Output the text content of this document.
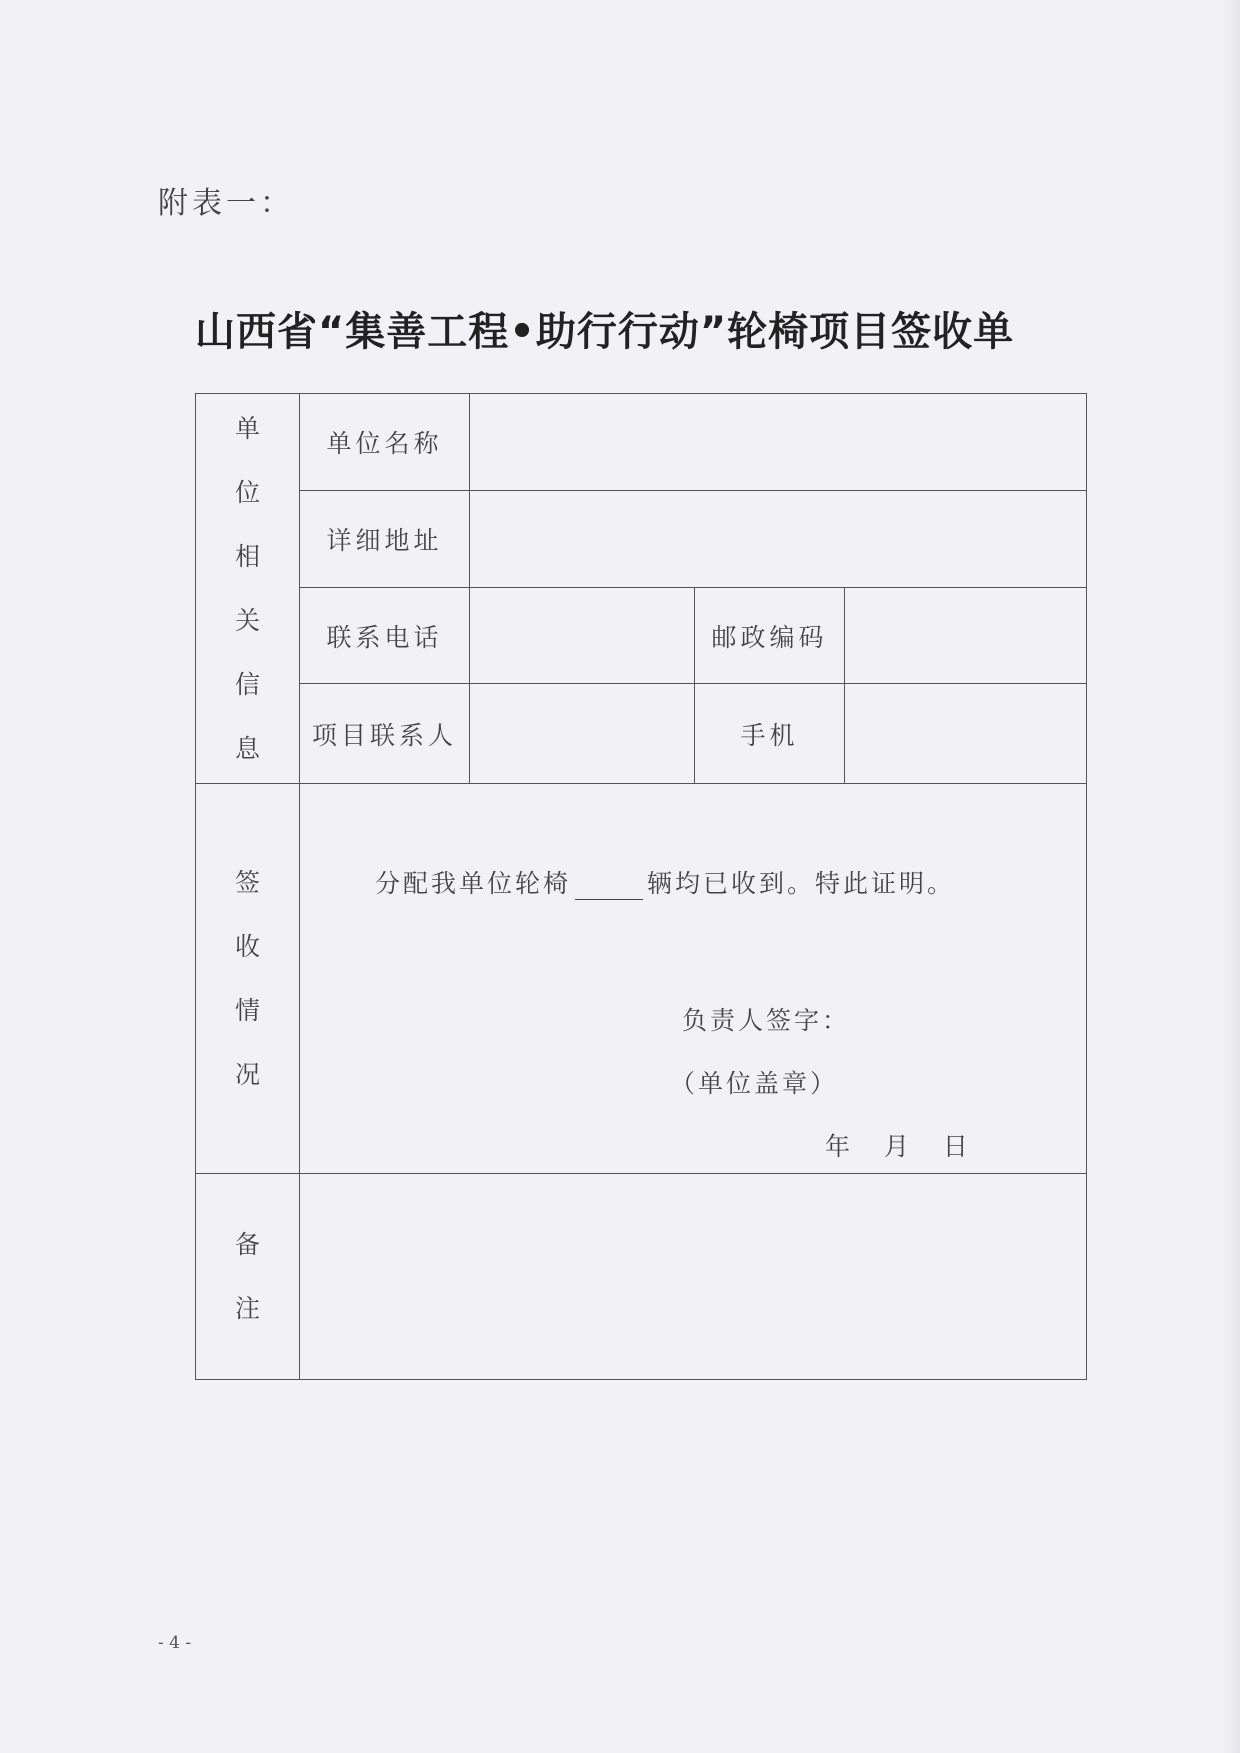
附表一：
山西省“集善工程•助行行动”轮椅项目签收单
单位相关信息	单位名称			
	详细地址			
	联系电话		邮政编码	
	项目联系人		手机	
签收情况	分配我单位轮椅 辆均已收到。特此证明。
负责人签字：
（单位盖章）
年 月 日			

备注				
- 4 -
